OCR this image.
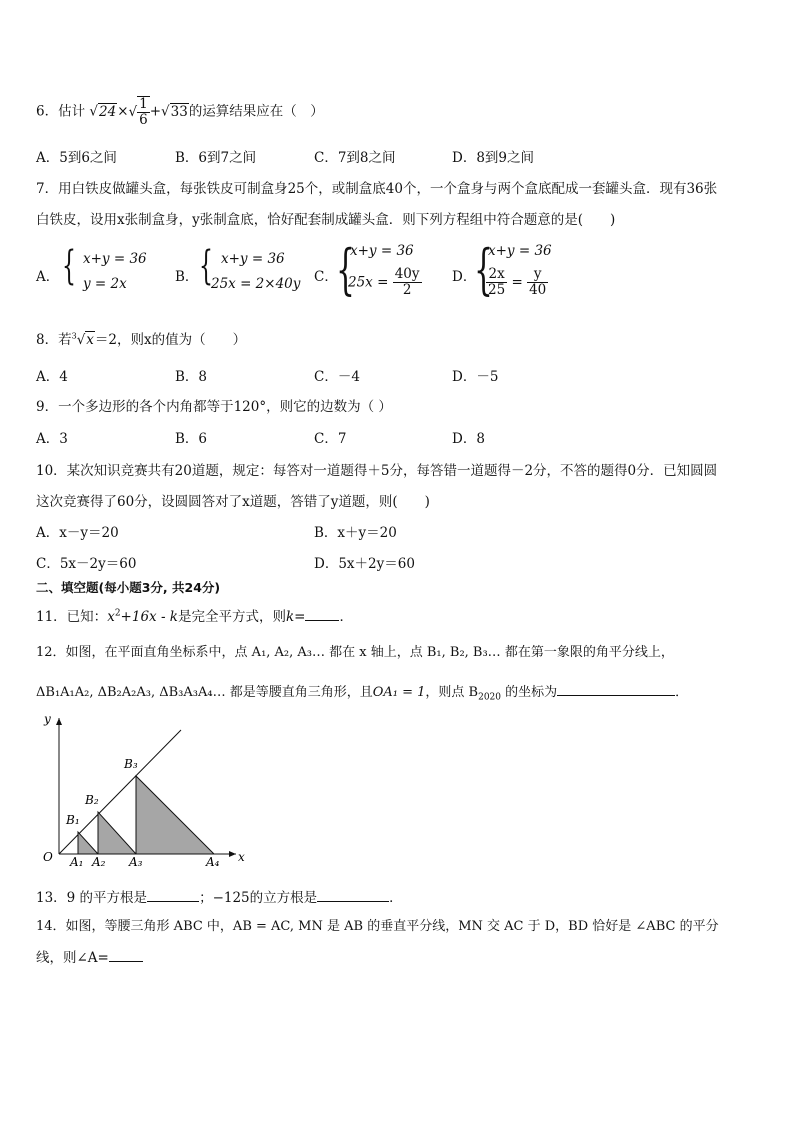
6．估计 $√24\times√ \frac{1}{6} +√33$的运算结果应在（　）
A．5到6之间	B．6到7之间	C．7到8之间	D．8到9之间
7．用白铁皮做罐头盒，每张铁皮可制盒身25个，或制盒底40个，一个盒身与两个盒底配成一套罐头盒．现有36张
白铁皮，设用x张制盒身，y张制盒底，恰好配套制成罐头盒．则下列方程组中符合题意的是(　　)
A． { x+y = 36
y = 2x	B． { x+y = 36
25x = 2×40y C．
{
x+y = 36
$25x = \frac{40y}{2}$ D．
{
x+y = 36
$\frac{2x}{25} = \frac{y}{40}$
8．若$^3$√x＝2，则x的值为（　　）
A．4	B．8	C．－4	D．－5
9．一个多边形的各个内角都等于120°，则它的边数为（ ）
A．3	B．6	C．7	D．8
10．某次知识竞赛共有20道题，规定：每答对一道题得＋5分，每答错一道题得－2分，不答的题得0分．已知圆圆
这次竞赛得了60分，设圆圆答对了x道题，答错了y道题，则(　　)
A．x－y＝20	B．x＋y＝20
C．5x－2y＝60	D．5x＋2y＝60
二、填空题(每小题3分, 共24分)
11．已知：$x^2+16x - k$是完全平方式，则k=	．
12．如图，在平面直角坐标系中，点 A₁, A₂, A₃… 都在 x 轴上，点 B₁, B₂, B₃… 都在第一象限的角平分线上，
ΔB₁A₁A₂, ΔB₂A₂A₃, ΔB₃A₃A₄… 都是等腰直角三角形，且OA₁ = 1，则点 $B_{2020}$ 的坐标为	．
y
x
O A₁ A₂ A₃	A₄
B₁
B₂
B₃
13．9 的平方根是	；−125的立方根是	．
14．如图，等腰三角形 ABC 中，AB = AC, MN 是 AB 的垂直平分线，MN 交 AC 于 D，BD 恰好是 ∠ABC 的平分
线，则∠A=
